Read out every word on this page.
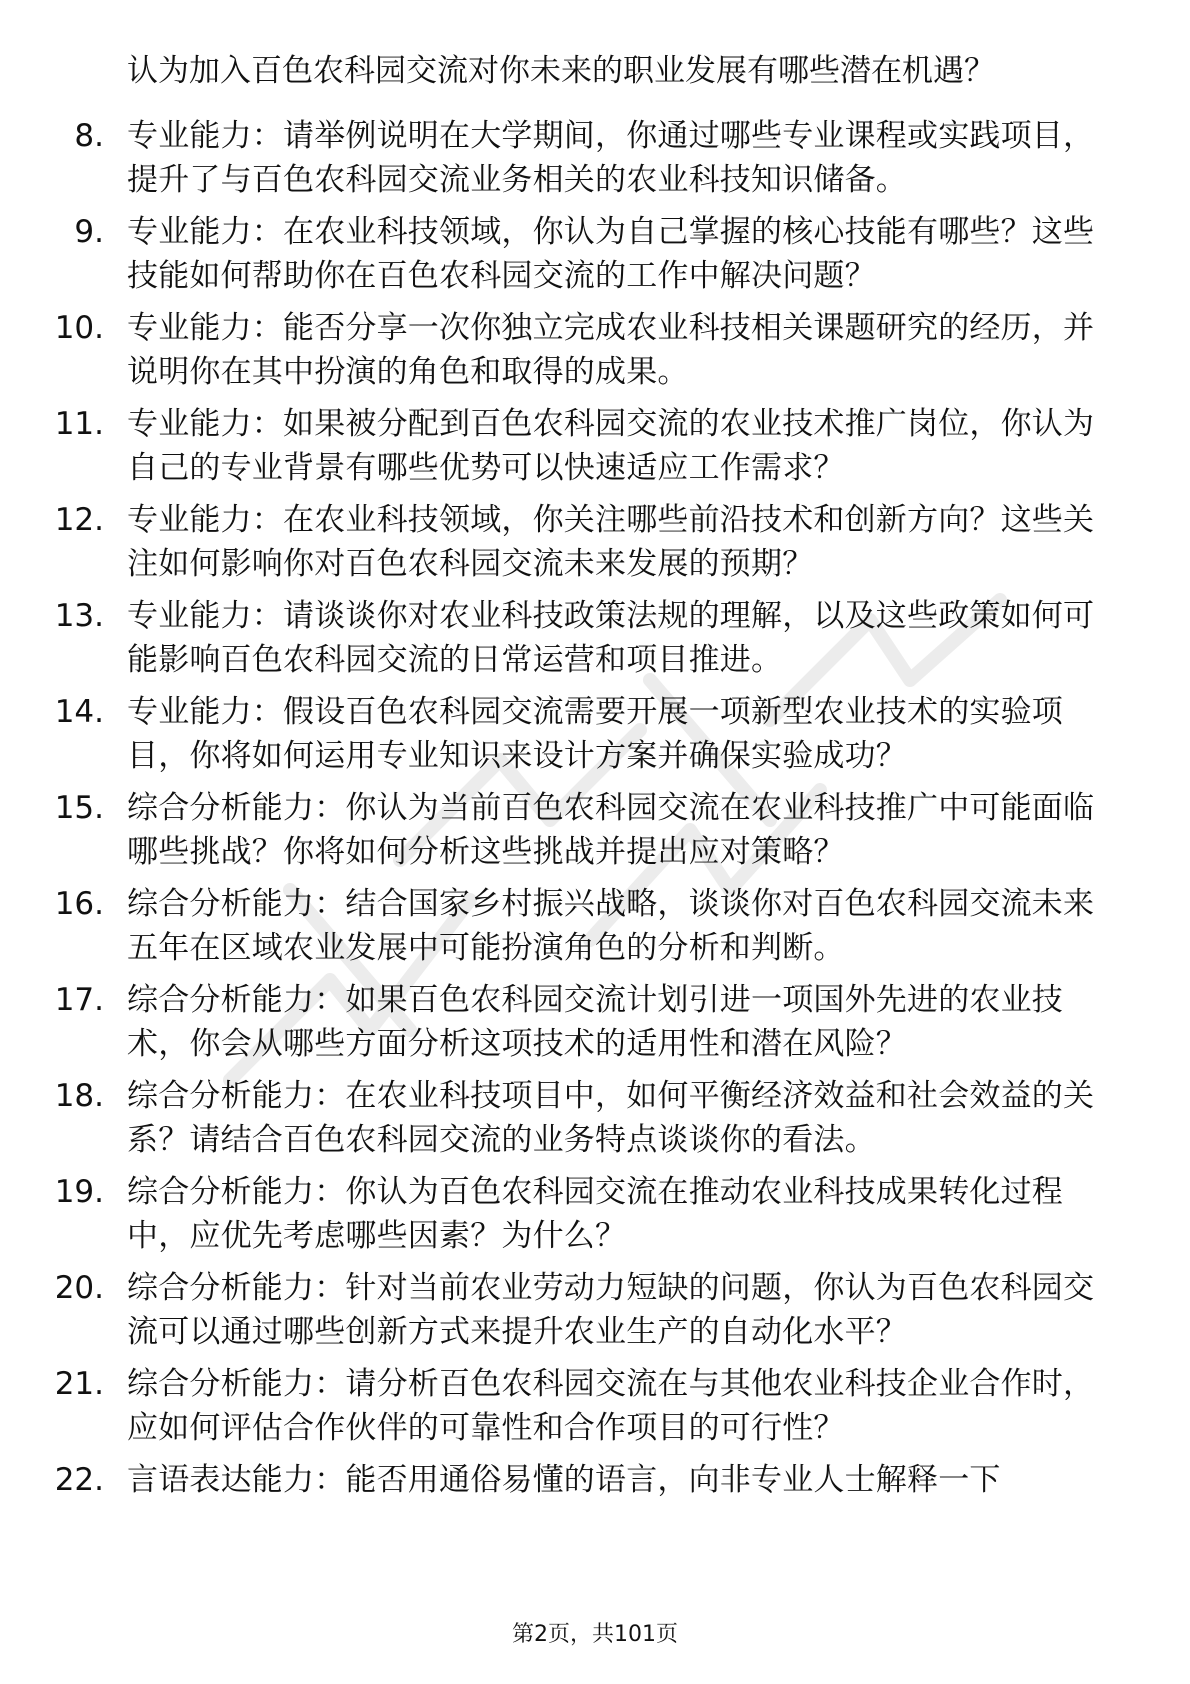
认为加入百色农科园交流对你未来的职业发展有哪些潜在机遇？
8. 专业能力：请举例说明在大学期间，你通过哪些专业课程或实践项目，提升了与百色农科园交流业务相关的农业科技知识储备。
9. 专业能力：在农业科技领域，你认为自己掌握的核心技能有哪些？这些技能如何帮助你在百色农科园交流的工作中解决问题？
10. 专业能力：能否分享一次你独立完成农业科技相关课题研究的经历，并说明你在其中扮演的角色和取得的成果。
11. 专业能力：如果被分配到百色农科园交流的农业技术推广岗位，你认为自己的专业背景有哪些优势可以快速适应工作需求？
12. 专业能力：在农业科技领域，你关注哪些前沿技术和创新方向？这些关注如何影响你对百色农科园交流未来发展的预期？
13. 专业能力：请谈谈你对农业科技政策法规的理解，以及这些政策如何可能影响百色农科园交流的日常运营和项目推进。
14. 专业能力：假设百色农科园交流需要开展一项新型农业技术的实验项目，你将如何运用专业知识来设计方案并确保实验成功？
15. 综合分析能力：你认为当前百色农科园交流在农业科技推广中可能面临哪些挑战？你将如何分析这些挑战并提出应对策略？
16. 综合分析能力：结合国家乡村振兴战略，谈谈你对百色农科园交流未来五年在区域农业发展中可能扮演角色的分析和判断。
17. 综合分析能力：如果百色农科园交流计划引进一项国外先进的农业技术，你会从哪些方面分析这项技术的适用性和潜在风险？
18. 综合分析能力：在农业科技项目中，如何平衡经济效益和社会效益的关系？请结合百色农科园交流的业务特点谈谈你的看法。
19. 综合分析能力：你认为百色农科园交流在推动农业科技成果转化过程中，应优先考虑哪些因素？为什么？
20. 综合分析能力：针对当前农业劳动力短缺的问题，你认为百色农科园交流可以通过哪些创新方式来提升农业生产的自动化水平？
21. 综合分析能力：请分析百色农科园交流在与其他农业科技企业合作时，应如何评估合作伙伴的可靠性和合作项目的可行性？
22. 言语表达能力：能否用通俗易懂的语言，向非专业人士解释一下
第2页，共101页
